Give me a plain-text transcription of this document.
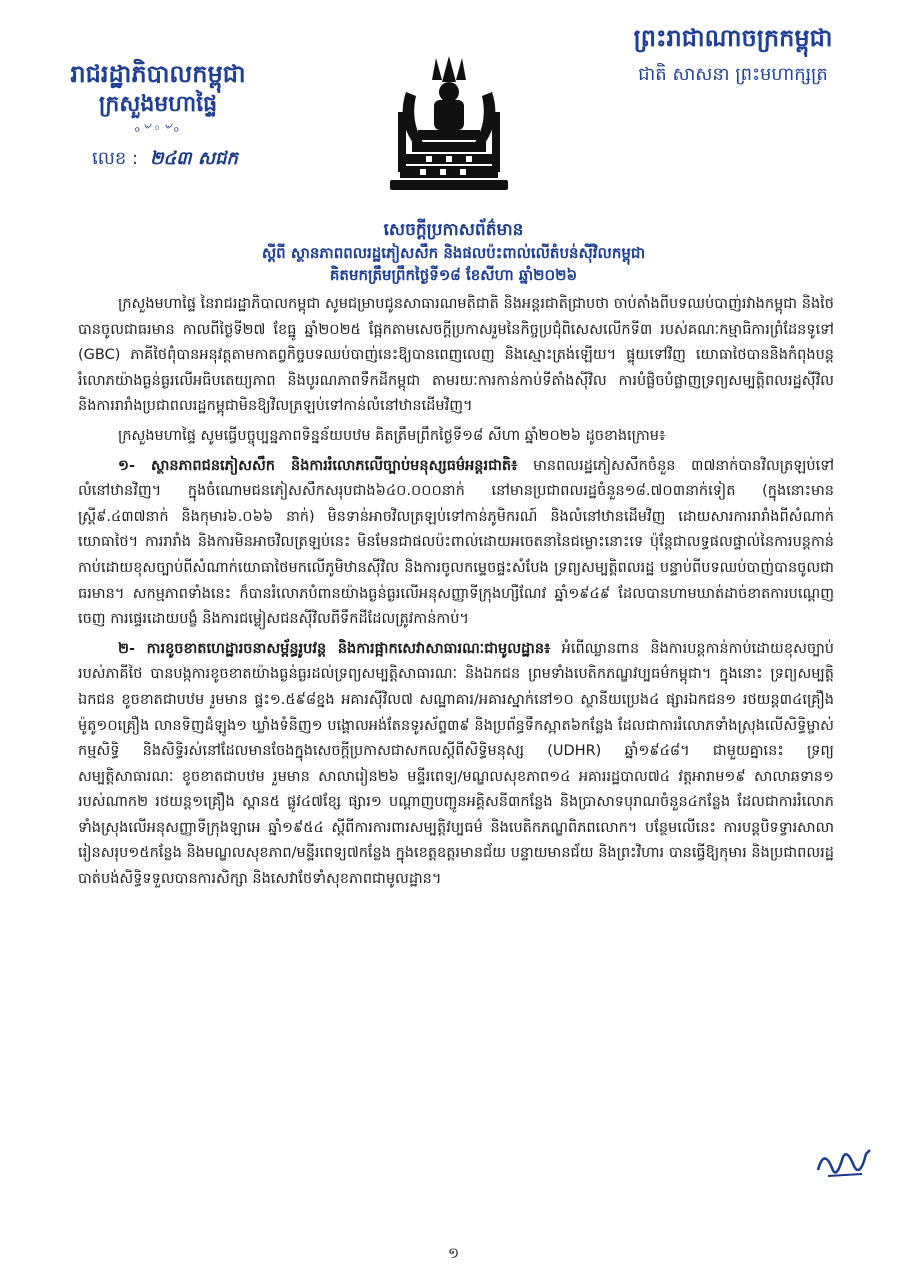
រាជរដ្ឋាភិបាលកម្ពុជា
ក្រសួងមហាផ្ទៃ
৹৺◦৺৹
លេខ : ២៤៣ សជក
ព្រះរាជាណាចក្រកម្ពុជា
ជាតិ សាសនា ព្រះមហាក្សត្រ
សេចក្តីប្រកាសព័ត៌មាន
ស្តីពី ស្ថានភាពពលរដ្ឋភៀសសឹក និងផលប៉ះពាល់លើតំបន់ស៊ីវិលកម្ពុជា
គិតមកត្រឹមព្រឹកថ្ងៃទី១៨ ខែសីហា ឆ្នាំ២០២៦

ក្រសួងមហាផ្ទៃ នៃរាជរដ្ឋាភិបាលកម្ពុជា សូមជម្រាបជូនសាធារណមតិជាតិ និងអន្តរជាតិជ្រាបថា ចាប់តាំងពីបទឈប់បាញ់រវាងកម្ពុជា និងថៃ បានចូលជាធរមាន កាលពីថ្ងៃទី២៧ ខែធ្នូ ឆ្នាំ២០២៥ ផ្អែកតាមសេចក្តីប្រកាសរួមនៃកិច្ចប្រជុំពិសេសលើកទី៣ របស់គណៈកម្មាធិការព្រំដែនទូទៅ (GBC) ភាគីថៃពុំបានអនុវត្តតាមកាតព្វកិច្ចបទឈប់បាញ់នេះឱ្យបានពេញលេញ និងស្មោះត្រង់ឡើយ។ ផ្ទុយទៅវិញ យោធាថៃបាននិងកំពុងបន្តរំលោភយ៉ាងធ្ងន់ធ្ងរលើអធិបតេយ្យភាព និងបូរណភាពទឹកដីកម្ពុជា តាមរយៈការកាន់កាប់ទីតាំងស៊ីវិល ការបំផ្លិចបំផ្លាញទ្រព្យសម្បត្តិពលរដ្ឋស៊ីវិល និងការរារាំងប្រជាពលរដ្ឋកម្ពុជាមិនឱ្យវិលត្រឡប់ទៅកាន់លំនៅឋានដើមវិញ។

ក្រសួងមហាផ្ទៃ សូមធ្វើបច្ចុប្បន្នភាពទិន្នន័យបឋម គិតត្រឹមព្រឹកថ្ងៃទី១៨ សីហា ឆ្នាំ២០២៦ ដូចខាងក្រោម៖

១- ស្ថានភាពជនភៀសសឹក និងការរំលោភលើច្បាប់មនុស្សធម៌អន្តរជាតិ៖ មានពលរដ្ឋភៀសសឹកចំនួន ៣៧នាក់បានវិលត្រឡប់ទៅលំនៅឋានវិញ។ ក្នុងចំណោមជនភៀសសឹកសរុបជាង៦៤០.០០០នាក់ នៅមានប្រជាពលរដ្ឋចំនួន១៨.៧០៣នាក់ទៀត (ក្នុងនោះមានស្ត្រី៩.៤៣៧នាក់ និងកុមារ៦.០៦៦ នាក់) មិនទាន់អាចវិលត្រឡប់ទៅកាន់ភូមិករណ៍ និងលំនៅឋានដើមវិញ ដោយសារការរារាំងពីសំណាក់យោធាថៃ។ ការរារាំង និងការមិនអាចវិលត្រឡប់នេះ មិនមែនជាផលប៉ះពាល់ដោយអចេតនានៃជម្លោះនោះទេ ប៉ុន្តែជាលទ្ធផលផ្ទាល់នៃការបន្តកាន់កាប់ដោយខុសច្បាប់ពីសំណាក់យោធាថៃមកលើភូមិឋានស៊ីវិល និងការចូលកម្ទេចផ្ទះសំបែង ទ្រព្យសម្បត្តិពលរដ្ឋ បន្ទាប់ពីបទឈប់បាញ់បានចូលជាធរមាន។ សកម្មភាពទាំងនេះ ក៏បានរំលោភបំពានយ៉ាងធ្ងន់ធ្ងរលើអនុសញ្ញាទីក្រុងហ្សឺណែវ ឆ្នាំ១៩៤៩ ដែលបានហាមឃាត់ដាច់ខាតការបណ្តេញចេញ ការផ្ទេរដោយបង្ខំ និងការជម្លៀសជនស៊ីវិលពីទឹកដីដែលត្រូវកាន់កាប់។

២- ការខូចខាតហេដ្ឋារចនាសម្ព័ន្ធរូបវន្ត និងការផ្អាកសេវាសាធារណៈជាមូលដ្ឋាន៖ អំពើឈ្លានពាន និងការបន្តកាន់កាប់ដោយខុសច្បាប់របស់ភាគីថៃ បានបង្កការខូចខាតយ៉ាងធ្ងន់ធ្ងរដល់ទ្រព្យសម្បត្តិសាធារណៈ និងឯកជន ព្រមទាំងបេតិកភណ្ឌវប្បធម៌កម្ពុជា។ ក្នុងនោះ ទ្រព្យសម្បត្តិឯកជន ខូចខាតជាបឋម រួមមាន ផ្ទះ១.៥៩៨ខ្នង អគារស៊ីវិល៧ សណ្ឋាគារ/អគារស្នាក់នៅ១០ ស្ថានីយប្រេង៤ ផ្សារឯកជន១ រថយន្ត៣៤គ្រឿង ម៉ូតូ១០គ្រឿង លានទិញដំឡូង១ ឃ្លាំងទំនិញ១ បង្គោលអង់តែនទូរស័ព្ទ៣៩ និងប្រព័ន្ធទឹកស្អាត៦កន្លែង ដែលជាការរំលោភទាំងស្រុងលើសិទ្ធិម្ចាស់កម្មសិទ្ធិ និងសិទ្ធិរស់នៅដែលមានចែងក្នុងសេចក្តីប្រកាសជាសកលស្តីពីសិទ្ធិមនុស្ស (UDHR) ឆ្នាំ១៩៤៨។ ជាមួយគ្នានេះ ទ្រព្យសម្បត្តិសាធារណៈ ខូចខាតជាបឋម រួមមាន សាលារៀន២៦ មន្ទីរពេទ្យ/មណ្ឌលសុខភាព១៤ អគាររដ្ឋបាល៧៤ វត្តអារាម១៩ សាលាឆទាន១ របស់ណាក២ រថយន្ត១គ្រឿង ស្ពាន៥ ផ្លូវ៤៧ខ្សែ ផ្សារ១ បណ្តាញបញ្ជូនអគ្គិសនី៣កន្លែង និងប្រាសាទបុរាណចំនួន៤កន្លែង ដែលជាការរំលោភទាំងស្រុងលើអនុសញ្ញាទីក្រុងឡាអេ ឆ្នាំ១៩៥៤ ស្តីពីការការពារសម្បត្តិវប្បធម៌ និងបេតិកភណ្ឌពិភពលោក។ បន្ថែមលើនេះ ការបន្តបិទទ្វារសាលារៀនសរុប១៥កន្លែង និងមណ្ឌលសុខភាព/មន្ទីរពេទ្យ៧កន្លែង ក្នុងខេត្តឧត្តរមានជ័យ បន្ទាយមានជ័យ និងព្រះវិហារ បានធ្វើឱ្យកុមារ និងប្រជាពលរដ្ឋបាត់បង់សិទ្ធិទទួលបានការសិក្សា និងសេវាថែទាំសុខភាពជាមូលដ្ឋាន។

១
